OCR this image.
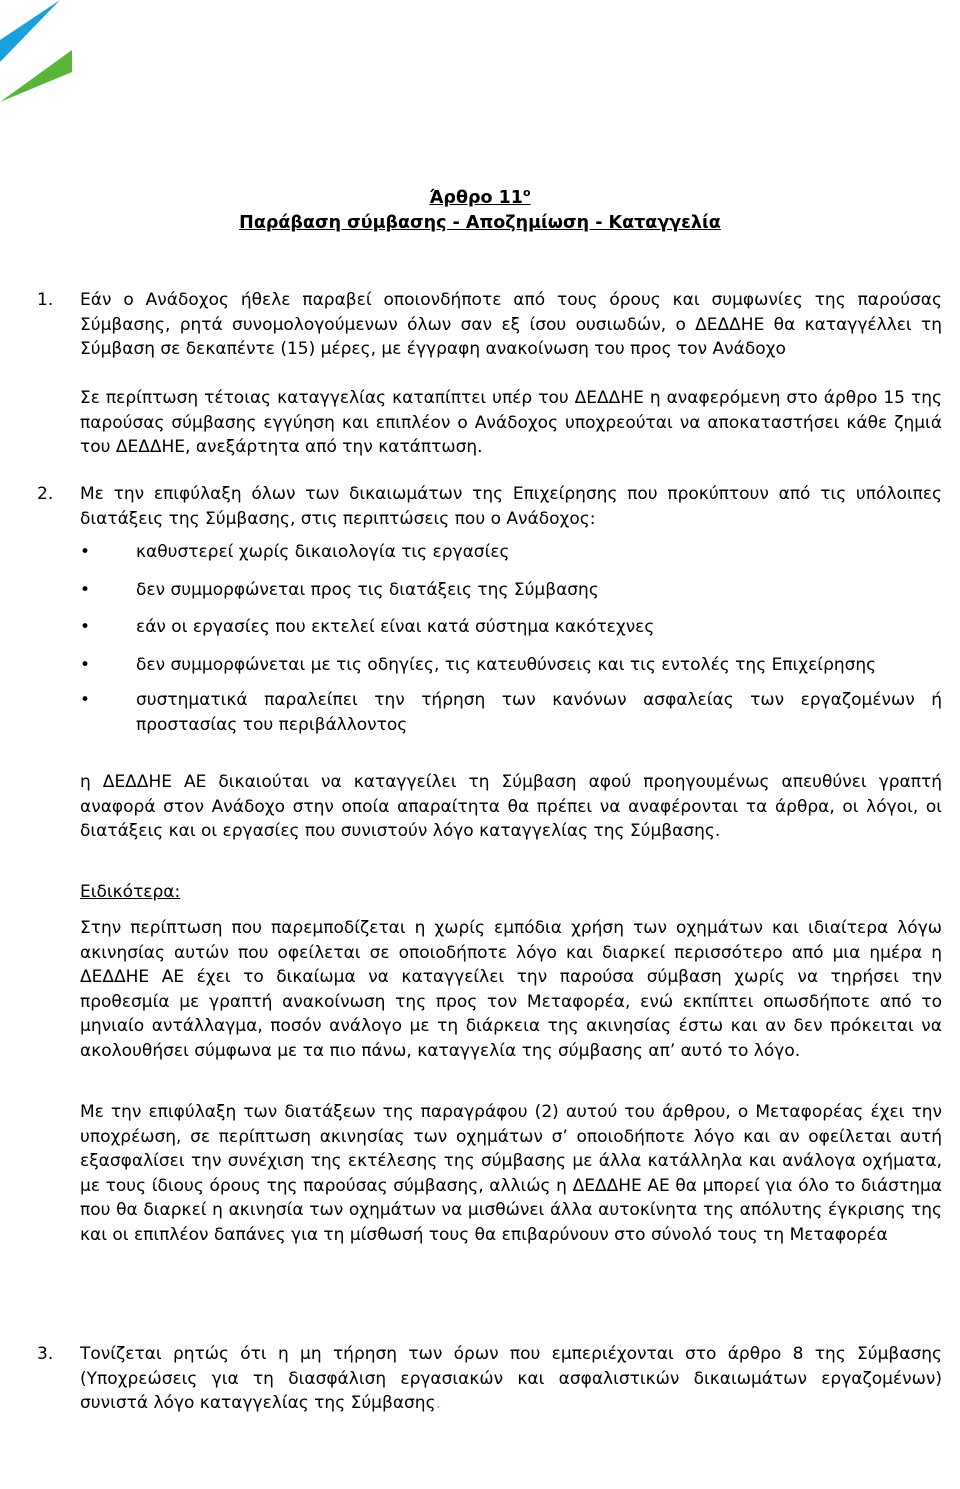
Άρθρο $11^o$
Παράβαση σύμβασης - Αποζημίωση - Καταγγελία
1. Εάν ο Ανάδοχος ήθελε παραβεί οποιονδήποτε από τους όρους και συμφωνίες της παρούσας Σύμβασης, ρητά συνομολογούμενων όλων σαν εξ ίσου ουσιωδών, ο ΔΕΔΔΗΕ θα καταγγέλλει τη Σύμβαση σε δεκαπέντε (15) μέρες, με έγγραφη ανακοίνωση του προς τον Ανάδοχο
Σε περίπτωση τέτοιας καταγγελίας καταπίπτει υπέρ του ΔΕΔΔΗΕ η αναφερόμενη στο άρθρο 15 της παρούσας σύμβασης εγγύηση και επιπλέον ο Ανάδοχος υποχρεούται να αποκαταστήσει κάθε ζημιά του ΔΕΔΔΗΕ, ανεξάρτητα από την κατάπτωση.
2. Με την επιφύλαξη όλων των δικαιωμάτων της Επιχείρησης που προκύπτουν από τις υπόλοιπες διατάξεις της Σύμβασης, στις περιπτώσεις που ο Ανάδοχος:
• καθυστερεί χωρίς δικαιολογία τις εργασίες
• δεν συμμορφώνεται προς τις διατάξεις της Σύμβασης
• εάν οι εργασίες που εκτελεί είναι κατά σύστημα κακότεχνες
• δεν συμμορφώνεται με τις οδηγίες, τις κατευθύνσεις και τις εντολές της Επιχείρησης
• συστηματικά παραλείπει την τήρηση των κανόνων ασφαλείας των εργαζομένων ή προστασίας του περιβάλλοντος
η ΔΕΔΔΗΕ ΑΕ δικαιούται να καταγγείλει τη Σύμβαση αφού προηγουμένως απευθύνει γραπτή αναφορά στον Ανάδοχο στην οποία απαραίτητα θα πρέπει να αναφέρονται τα άρθρα, οι λόγοι, οι διατάξεις και οι εργασίες που συνιστούν λόγο καταγγελίας της Σύμβασης.
Ειδικότερα:
Στην περίπτωση που παρεμποδίζεται η χωρίς εμπόδια χρήση των οχημάτων και ιδιαίτερα λόγω ακινησίας αυτών που οφείλεται σε οποιοδήποτε λόγο και διαρκεί περισσότερο από μια ημέρα η ΔΕΔΔΗΕ ΑΕ έχει το δικαίωμα να καταγγείλει την παρούσα σύμβαση χωρίς να τηρήσει την προθεσμία με γραπτή ανακοίνωση της προς τον Μεταφορέα, ενώ εκπίπτει οπωσδήποτε από το μηνιαίο αντάλλαγμα, ποσόν ανάλογο με τη διάρκεια της ακινησίας έστω και αν δεν πρόκειται να ακολουθήσει σύμφωνα με τα πιο πάνω, καταγγελία της σύμβασης απ’ αυτό το λόγο.
Με την επιφύλαξη των διατάξεων της παραγράφου (2) αυτού του άρθρου, ο Μεταφορέας έχει την υποχρέωση, σε περίπτωση ακινησίας των οχημάτων σ’ οποιοδήποτε λόγο και αν οφείλεται αυτή εξασφαλίσει την συνέχιση της εκτέλεσης της σύμβασης με άλλα κατάλληλα και ανάλογα οχήματα, με τους ίδιους όρους της παρούσας σύμβασης, αλλιώς η ΔΕΔΔΗΕ ΑΕ θα μπορεί για όλο το διάστημα που θα διαρκεί η ακινησία των οχημάτων να μισθώνει άλλα αυτοκίνητα της απόλυτης έγκρισης της και οι επιπλέον δαπάνες για τη μίσθωσή τους θα επιβαρύνουν στο σύνολό τους τη Μεταφορέα
3. Τονίζεται ρητώς ότι η μη τήρηση των όρων που εμπεριέχονται στο άρθρο 8 της Σύμβασης (Υποχρεώσεις για τη διασφάλιση εργασιακών και ασφαλιστικών δικαιωμάτων εργαζομένων) συνιστά λόγο καταγγελίας της Σύμβασης.
